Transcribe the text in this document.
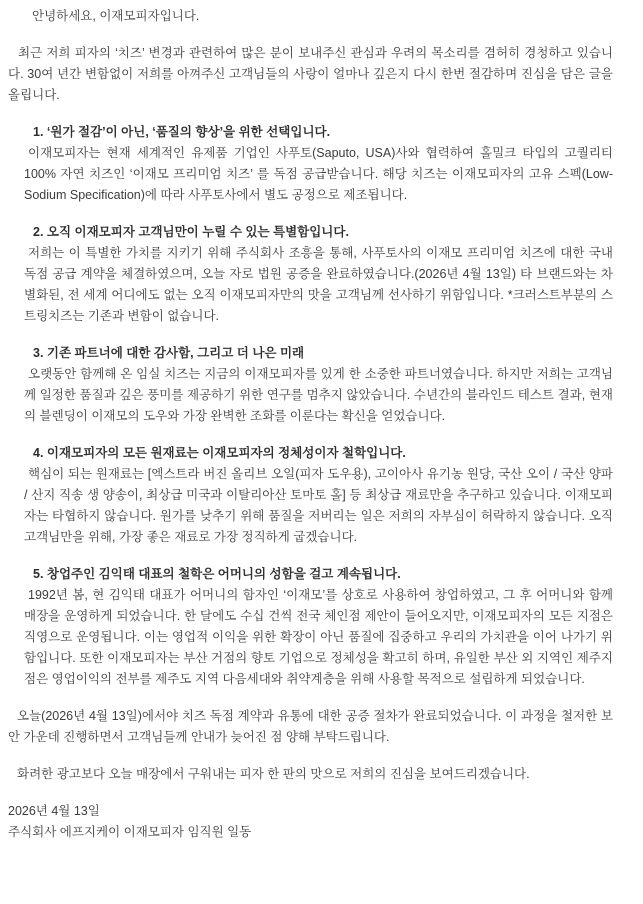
안녕하세요, 이재모피자입니다.

최근 저희 피자의 ‘치즈’ 변경과 관련하여 많은 분이 보내주신 관심과 우려의 목소리를 겸허히 경청하고 있습니다. 30여 년간 변함없이 저희를 아껴주신 고객님들의 사랑이 얼마나 깊은지 다시 한번 절감하며 진심을 담은 글을 올립니다.

1. ‘원가 절감’이 아닌, ‘품질의 향상’을 위한 선택입니다.

이재모피자는 현재 세계적인 유제품 기업인 사푸토(Saputo, USA)사와 협력하여 홀밀크 타입의 고퀄리티 100% 자연 치즈인 ‘이재모 프리미엄 치즈’ 를 독점 공급받습니다. 해당 치즈는 이재모피자의 고유 스펙(Low-Sodium Specification)에 따라 사푸토사에서 별도 공정으로 제조됩니다.

2. 오직 이재모피자 고객님만이 누릴 수 있는 특별함입니다.

저희는 이 특별한 가치를 지키기 위해 주식회사 조흥을 통해, 사푸토사의 이재모 프리미엄 치즈에 대한 국내 독점 공급 계약을 체결하였으며, 오늘 자로 법원 공증을 완료하였습니다.(2026년 4월 13일) 타 브랜드와는 차별화된, 전 세계 어디에도 없는 오직 이재모피자만의 맛을 고객님께 선사하기 위함입니다. *크러스트부분의 스트링치즈는 기존과 변함이 없습니다.

3. 기존 파트너에 대한 감사함, 그리고 더 나은 미래

오랫동안 함께해 온 임실 치즈는 지금의 이재모피자를 있게 한 소중한 파트너였습니다. 하지만 저희는 고객님께 일정한 품질과 깊은 풍미를 제공하기 위한 연구를 멈추지 않았습니다. 수년간의 블라인드 테스트 결과, 현재의 블렌딩이 이재모의 도우와 가장 완벽한 조화를 이룬다는 확신을 얻었습니다.

4. 이재모피자의 모든 원재료는 이재모피자의 정체성이자 철학입니다.

핵심이 되는 원재료는 [엑스트라 버진 올리브 오일(피자 도우용), 고이아사 유기농 원당, 국산 오이 / 국산 양파 / 산지 직송 생 양송이, 최상급 미국과 이탈리아산 토마토 홀] 등 최상급 재료만을 추구하고 있습니다. 이재모피자는 타협하지 않습니다. 원가를 낮추기 위해 품질을 저버리는 일은 저희의 자부심이 허락하지 않습니다. 오직 고객님만을 위해, 가장 좋은 재료로 가장 정직하게 굽겠습니다.

5. 창업주인 김익태 대표의 철학은 어머니의 성함을 걸고 계속됩니다.

1992년 봄, 현 김익태 대표가 어머니의 함자인 ‘이재모’를 상호로 사용하여 창업하였고, 그 후 어머니와 함께 매장을 운영하게 되었습니다. 한 달에도 수십 건씩 전국 체인점 제안이 들어오지만, 이재모피자의 모든 지점은 직영으로 운영됩니다. 이는 영업적 이익을 위한 확장이 아닌 품질에 집중하고 우리의 가치관을 이어 나가기 위함입니다. 또한 이재모피자는 부산 거점의 향토 기업으로 정체성을 확고히 하며, 유일한 부산 외 지역인 제주지점은 영업이익의 전부를 제주도 지역 다음세대와 취약계층을 위해 사용할 목적으로 설립하게 되었습니다.

오늘(2026년 4월 13일)에서야 치즈 독점 계약과 유통에 대한 공증 절차가 완료되었습니다. 이 과정을 철저한 보안 가운데 진행하면서 고객님들께 안내가 늦어진 점 양해 부탁드립니다.

화려한 광고보다 오늘 매장에서 구워내는 피자 한 판의 맛으로 저희의 진심을 보여드리겠습니다.

2026년 4월 13일
주식회사 에프지케이 이재모피자 임직원 일동
